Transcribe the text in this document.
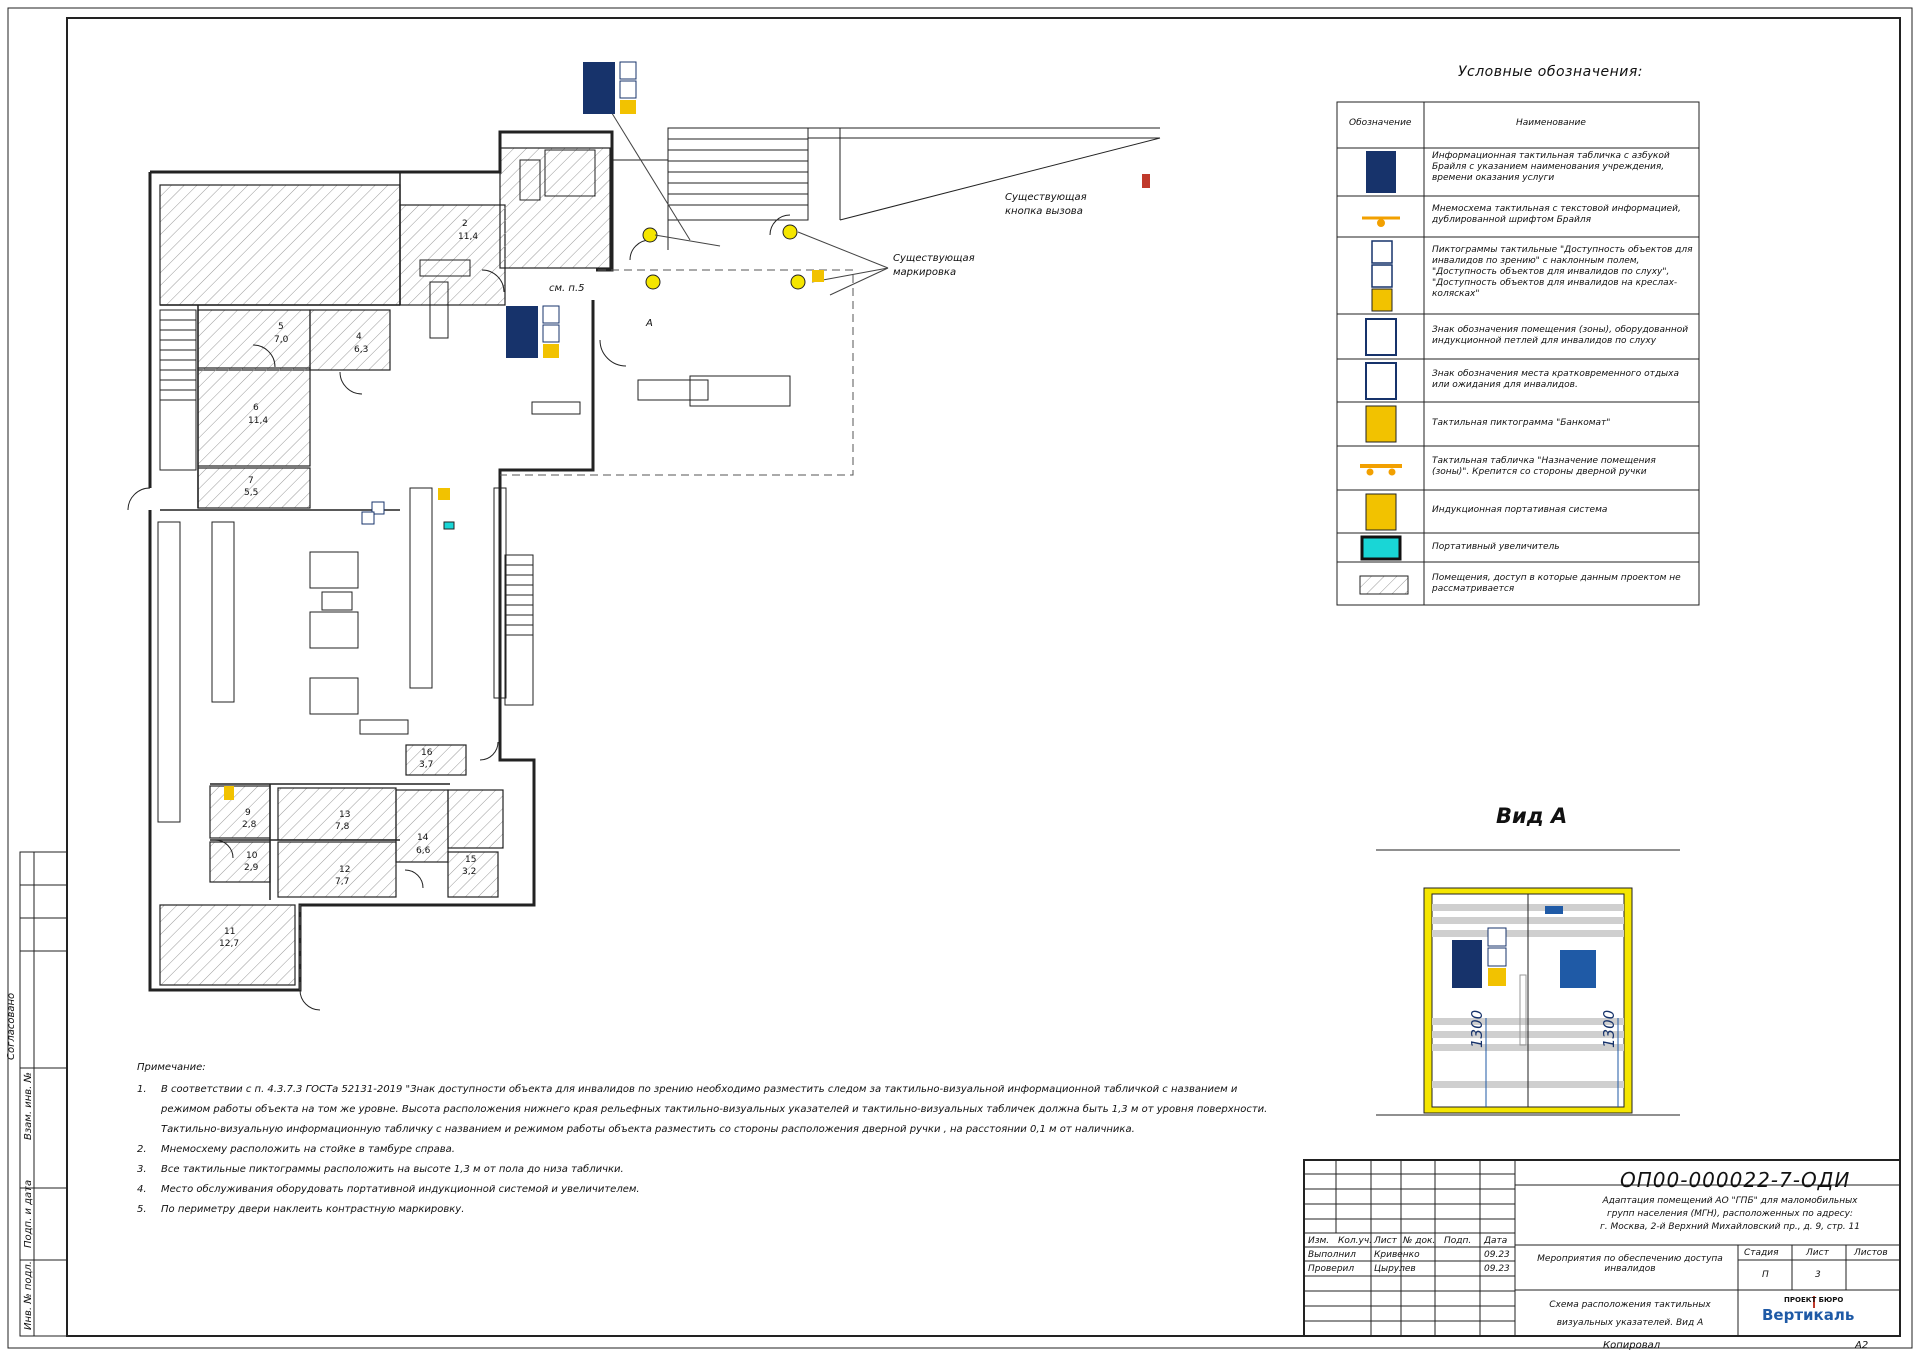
Условные обозначения:
Обозначение	Наименование
Информационная тактильная табличка с азбукой Брайля с указанием наименования учреждения, времени оказания услуги
Мнемосхема тактильная с текстовой информацией, дублированной шрифтом Брайля
Пиктограммы тактильные "Доступность объектов для инвалидов по зрению" с наклонным полем, "Доступность объектов для инвалидов по слуху", "Доступность объектов для инвалидов на креслах-колясках"
Знак обозначения помещения (зоны), оборудованной индукционной петлей для инвалидов по слуху
Знак обозначения места кратковременного отдыха или ожидания для инвалидов.
Тактильная пиктограмма "Банкомат"
Тактильная табличка "Назначение помещения (зоны)". Крепится со стороны дверной ручки
Индукционная портативная система
Портативный увеличитель
Помещения, доступ в которые данным проектом не рассматривается
Существующая
кнопка вызова
Существующая
маркировка
см. п.5
А
2
11,4
4
6,3
5
7,0
6
11,4
7
5,5
9
2,8
10
2,9
11
12,7
12
7,7
13
7,8
14
6,6
15
3,2
16
3,7
Вид А
1300	1300
Примечание:
1. В соответствии с п. 4.3.7.3 ГОСТа 52131-2019 "Знак доступности объекта для инвалидов по зрению необходимо разместить следом за тактильно-визуальной информационной табличкой с названием и
режимом работы объекта на том же уровне. Высота расположения нижнего края рельефных тактильно-визуальных указателей и тактильно-визуальных табличек должна быть 1,3 м от уровня поверхности.
Тактильно-визуальную информационную табличку с названием и режимом работы объекта разместить со стороны расположения дверной ручки , на расстоянии 0,1 м от наличника.
2. Мнемосхему расположить на стойке в тамбуре справа.
3. Все тактильные пиктограммы расположить на высоте 1,3 м от пола до низа таблички.
4. Место обслуживания оборудовать портативной индукционной системой и увеличителем.
5. По периметру двери наклеить контрастную маркировку.
ОП00-000022-7-ОДИ
Адаптация помещений АО "ГПБ" для маломобильных
групп населения (МГН), расположенных по адресу:
г. Москва, 2-й Верхний Михайловский пр., д. 9, стр. 11
Изм. Кол.уч. Лист № док. Подп. Дата
Выполнил Кривенко	09.23
Проверил Цырулев	09.23
Мероприятия по обеспечению доступа инвалидов
Стадия	Лист	Листов
П	3
Схема расположения тактильных
визуальных указателей. Вид А
ПРОЕКТ БЮРО
Вертикаль
Согласовано
Взам. инв. №
Подп. и дата
Инв. № подл.
Копировал	А2
